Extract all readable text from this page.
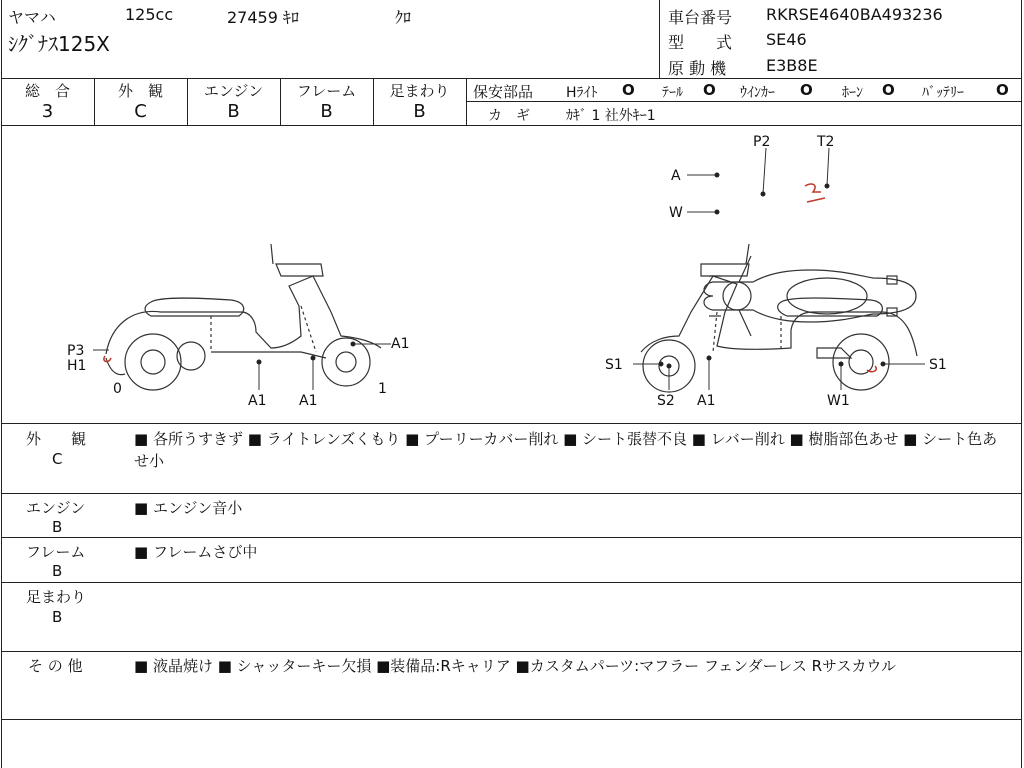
ヤマハ	125cc	27459 ｷﾛ	ｸﾛ
ｼｸﾞﾅｽ125X
車台番号 RKRSE4640BA493236
型　　式 SE46
原 動 機 E3B8E
総　合	外　観	エンジン	フレーム	足まわり
3	C	B	B	B
保安部品 Hﾗｲﾄ O ﾃｰﾙ O ｳｲﾝｶｰ O ﾎｰﾝ O ﾊﾞｯﾃﾘｰ O
カ　ギ	ｶｷﾞ 1 社外ｷｰ1
P2	T2
A
W
P3
H1
0	1
A1 A1
A1
S1	S1
S2 A1	W1
外　　観
C
■ 各所うすきず ■ ライトレンズくもり ■ プーリーカバー削れ ■ シート張替不良 ■ レバー削れ ■ 樹脂部色あせ ■ シート色あせ小
エンジン
B
■ エンジン音小
フレーム
B
■ フレームさび中
足まわり
B
そ の 他	■ 液晶焼け ■ シャッターキー欠損 ■装備品:Rキャリア ■カスタムパーツ:マフラー フェンダーレス Rサスカウル
